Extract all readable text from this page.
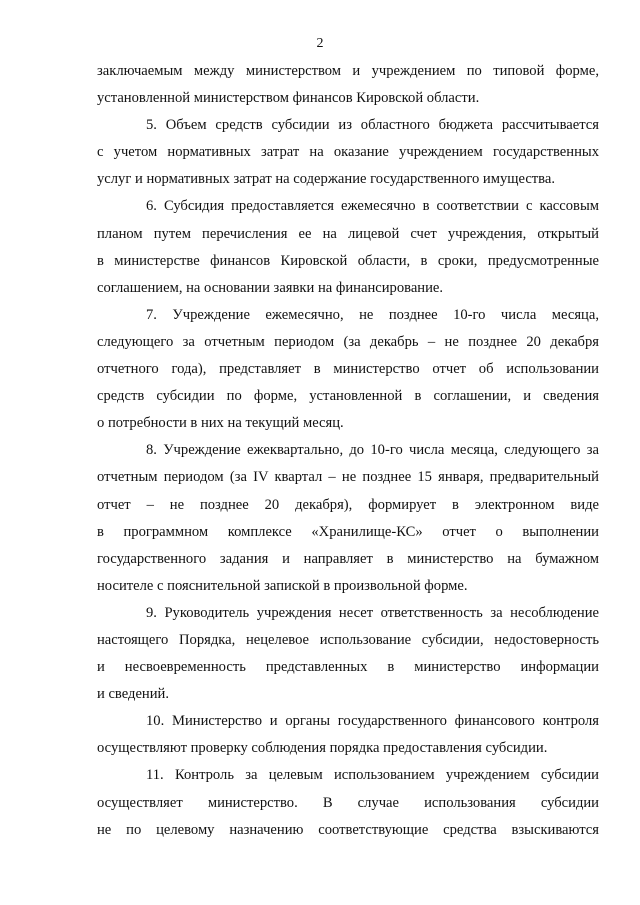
2
заключаемым между министерством и учреждением по типовой форме,
установленной министерством финансов Кировской области.
5. Объем средств субсидии из областного бюджета рассчитывается
с учетом нормативных затрат на оказание учреждением государственных
услуг и нормативных затрат на содержание государственного имущества.
6. Субсидия предоставляется ежемесячно в соответствии с кассовым
планом путем перечисления ее на лицевой счет учреждения, открытый
в министерстве финансов Кировской области, в сроки, предусмотренные
соглашением, на основании заявки на финансирование.
7. Учреждение ежемесячно, не позднее 10-го числа месяца,
следующего за отчетным периодом (за декабрь – не позднее 20 декабря
отчетного года), представляет в министерство отчет об использовании
средств субсидии по форме, установленной в соглашении, и сведения
о потребности в них на текущий месяц.
8. Учреждение ежеквартально, до 10-го числа месяца, следующего за
отчетным периодом (за IV квартал – не позднее 15 января, предварительный
отчет – не позднее 20 декабря), формирует в электронном виде
в программном комплексе «Хранилище-КС» отчет о выполнении
государственного задания и направляет в министерство на бумажном
носителе с пояснительной запиской в произвольной форме.
9. Руководитель учреждения несет ответственность за несоблюдение
настоящего Порядка, нецелевое использование субсидии, недостоверность
и несвоевременность представленных в министерство информации
и сведений.
10. Министерство и органы государственного финансового контроля
осуществляют проверку соблюдения порядка предоставления субсидии.
11. Контроль за целевым использованием учреждением субсидии
осуществляет министерство. В случае использования субсидии
не по целевому назначению соответствующие средства взыскиваются
